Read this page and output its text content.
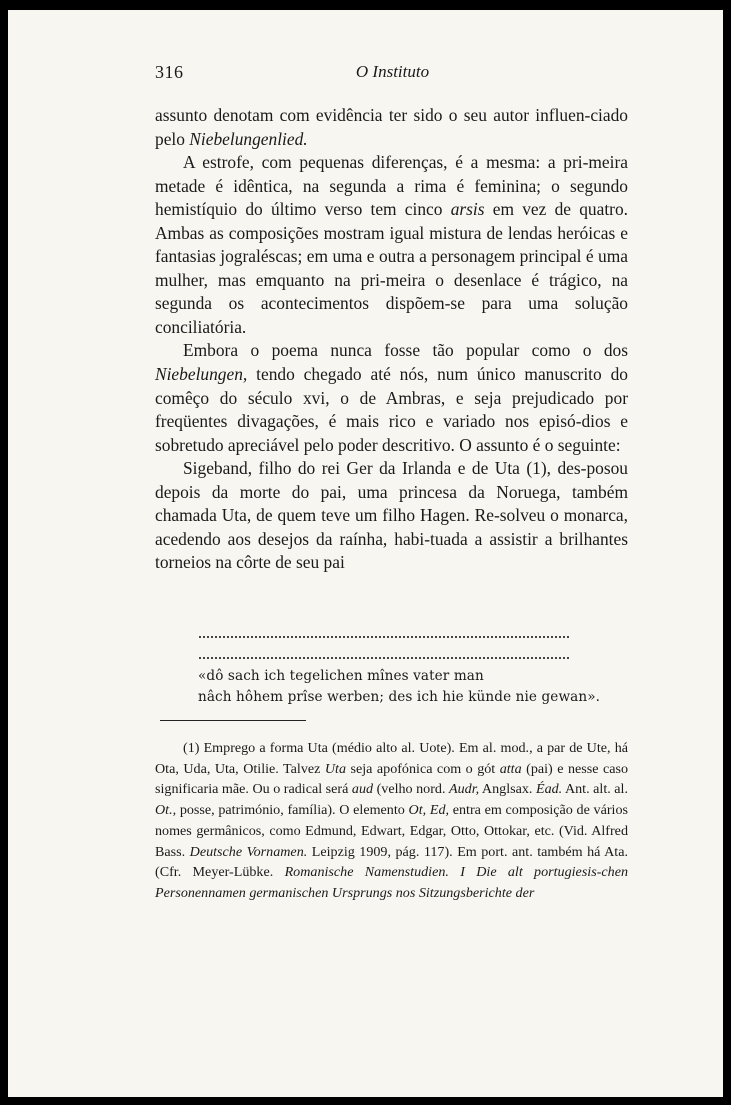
316	O Instituto

assunto denotam com evidência ter sido o seu autor influen-ciado pelo Niebelungenlied.

A estrofe, com pequenas diferenças, é a mesma: a pri-meira metade é idêntica, na segunda a rima é feminina; o segundo hemistíquio do último verso tem cinco arsis em vez de quatro. Ambas as composições mostram igual mistura de lendas heróicas e fantasias jograléscas; em uma e outra a personagem principal é uma mulher, mas emquanto na pri-meira o desenlace é trágico, na segunda os acontecimentos dispõem-se para uma solução conciliatória.

Embora o poema nunca fosse tão popular como o dos Niebelungen, tendo chegado até nós, num único manuscrito do comêço do século xvi, o de Ambras, e seja prejudicado por freqüentes divagações, é mais rico e variado nos episó-dios e sobretudo apreciável pelo poder descritivo. O assunto é o seguinte:

Sigeband, filho do rei Ger da Irlanda e de Uta (1), des-posou depois da morte do pai, uma princesa da Noruega, também chamada Uta, de quem teve um filho Hagen. Re-solveu o monarca, acedendo aos desejos da raínha, habi-tuada a assistir a brilhantes torneios na côrte de seu pai

«dô sach ich tegelichen mînes vater man
nâch hôhem prîse werben; des ich hie künde nie gewan».

(1) Emprego a forma Uta (médio alto al. Uote). Em al. mod., a par de Ute, há Ota, Uda, Uta, Otilie. Talvez Uta seja apofónica com o gót atta (pai) e nesse caso significaria mãe. Ou o radical será aud (velho nord. Audr, Anglsax. Éad. Ant. alt. al. Ot., posse, património, família). O elemento Ot, Ed, entra em composição de vários nomes germânicos, como Edmund, Edwart, Edgar, Otto, Ottokar, etc. (Vid. Alfred Bass. Deutsche Vornamen. Leipzig 1909, pág. 117). Em port. ant. também há Ata. (Cfr. Meyer-Lübke. Romanische Namenstudien. I Die alt portugiesis-chen Personennamen germanischen Ursprungs nos Sitzungsberichte der
